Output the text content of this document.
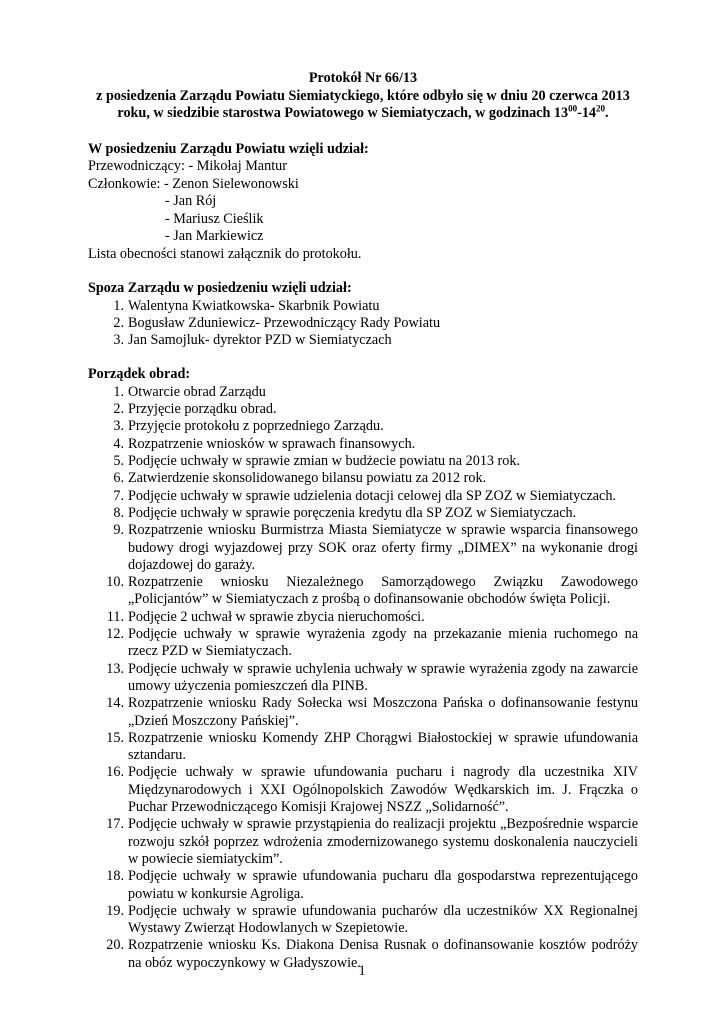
Protokół Nr 66/13

z posiedzenia Zarządu Powiatu Siemiatyckiego, które odbyło się w dniu 20 czerwca 2013

roku, w siedzibie starostwa Powiatowego w Siemiatyczach, w godzinach $13^{00}-14^{20}$.

W posiedzeniu Zarządu Powiatu wzięli udział:

Przewodniczący: - Mikołaj Mantur

Członkowie: - Zenon Sielewonowski

- Jan Rój

- Mariusz Cieślik

- Jan Markiewicz

Lista obecności stanowi załącznik do protokołu.

Spoza Zarządu w posiedzeniu wzięli udział:

1. Walentyna Kwiatkowska- Skarbnik Powiatu
2. Bogusław Zduniewicz- Przewodniczący Rady Powiatu
3. Jan Samojluk- dyrektor PZD w Siemiatyczach

Porządek obrad:

1. Otwarcie obrad Zarządu
2. Przyjęcie porządku obrad.
3. Przyjęcie protokołu z poprzedniego Zarządu.
4. Rozpatrzenie wniosków w sprawach finansowych.
5. Podjęcie uchwały w sprawie zmian w budżecie powiatu na 2013 rok.
6. Zatwierdzenie skonsolidowanego bilansu powiatu za 2012 rok.
7. Podjęcie uchwały w sprawie udzielenia dotacji celowej dla SP ZOZ w Siemiatyczach.
8. Podjęcie uchwały w sprawie poręczenia kredytu dla SP ZOZ w Siemiatyczach.
9. Rozpatrzenie wniosku Burmistrza Miasta Siemiatycze w sprawie wsparcia finansowego budowy drogi wyjazdowej przy SOK oraz oferty firmy „DIMEX” na wykonanie drogi dojazdowej do garaży.
10. Rozpatrzenie wniosku Niezależnego Samorządowego Związku Zawodowego „Policjantów” w Siemiatyczach z prośbą o dofinansowanie obchodów święta Policji.
11. Podjęcie 2 uchwał w sprawie zbycia nieruchomości.
12. Podjęcie uchwały w sprawie wyrażenia zgody na przekazanie mienia ruchomego na rzecz PZD w Siemiatyczach.
13. Podjęcie uchwały w sprawie uchylenia uchwały w sprawie wyrażenia zgody na zawarcie umowy użyczenia pomieszczeń dla PINB.
14. Rozpatrzenie wniosku Rady Sołecka wsi Moszczona Pańska o dofinansowanie festynu „Dzień Moszczony Pańskiej”.
15. Rozpatrzenie wniosku Komendy ZHP Chorągwi Białostockiej w sprawie ufundowania sztandaru.
16. Podjęcie uchwały w sprawie ufundowania pucharu i nagrody dla uczestnika XIV Międzynarodowych i XXI Ogólnopolskich Zawodów Wędkarskich im. J. Frączka o Puchar Przewodniczącego Komisji Krajowej NSZZ „Solidarność”.
17. Podjęcie uchwały w sprawie przystąpienia do realizacji projektu „Bezpośrednie wsparcie rozwoju szkół poprzez wdrożenia zmodernizowanego systemu doskonalenia nauczycieli w powiecie siemiatyckim”.
18. Podjęcie uchwały w sprawie ufundowania pucharu dla gospodarstwa reprezentującego powiatu w konkursie Agroliga.
19. Podjęcie uchwały w sprawie ufundowania pucharów dla uczestników XX Regionalnej Wystawy Zwierząt Hodowlanych w Szepietowie.
20. Rozpatrzenie wniosku Ks. Diakona Denisa Rusnak o dofinansowanie kosztów podróży na obóz wypoczynkowy w Gładyszowie.
1
